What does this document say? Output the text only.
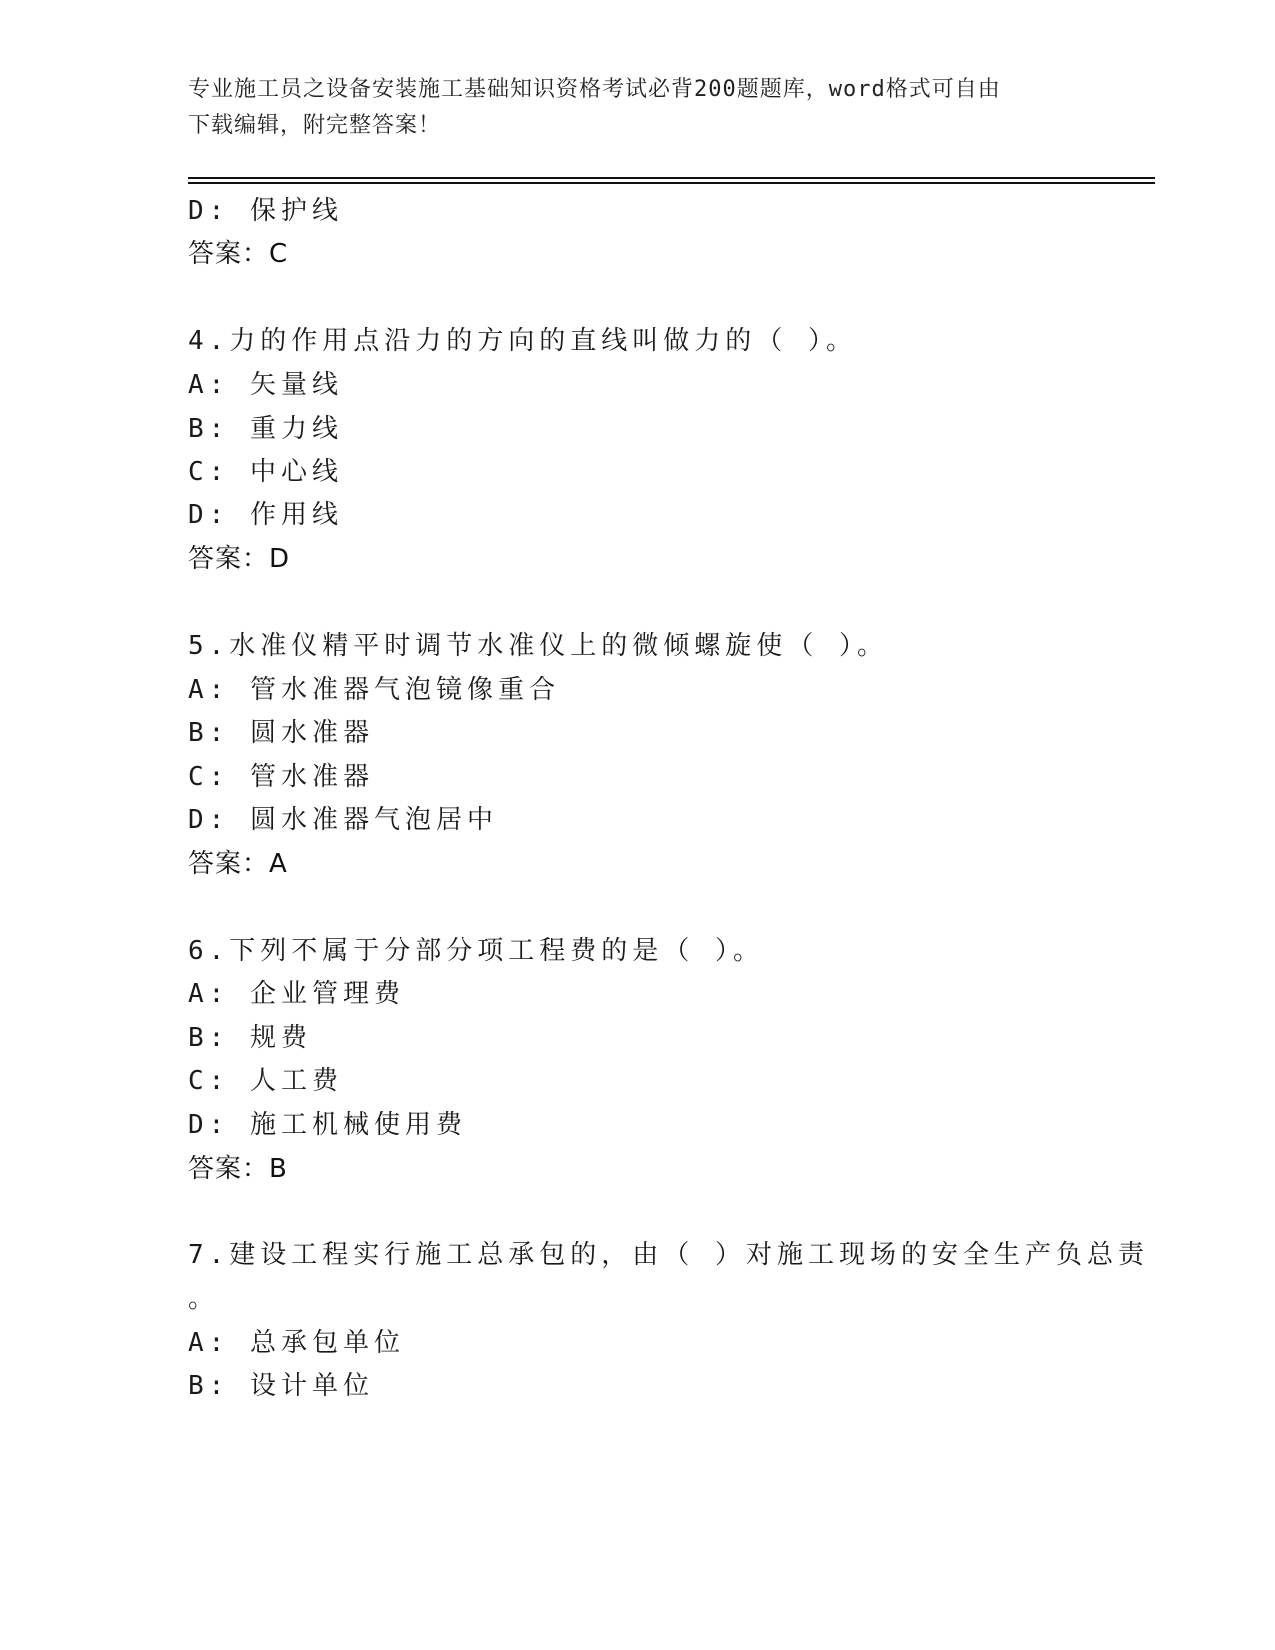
专业施工员之设备安装施工基础知识资格考试必背200题题库，word格式可自由
下载编辑，附完整答案！
D: 保护线
答案：C
4.力的作用点沿力的方向的直线叫做力的（ ）。
A: 矢量线
B: 重力线
C: 中心线
D: 作用线
答案：D
5.水准仪精平时调节水准仪上的微倾螺旋使（ ）。
A: 管水准器气泡镜像重合
B: 圆水准器
C: 管水准器
D: 圆水准器气泡居中
答案：A
6.下列不属于分部分项工程费的是（ ）。
A: 企业管理费
B: 规费
C: 人工费
D: 施工机械使用费
答案：B
7.建设工程实行施工总承包的，由（ ）对施工现场的安全生产负总责
。
A: 总承包单位
B: 设计单位
